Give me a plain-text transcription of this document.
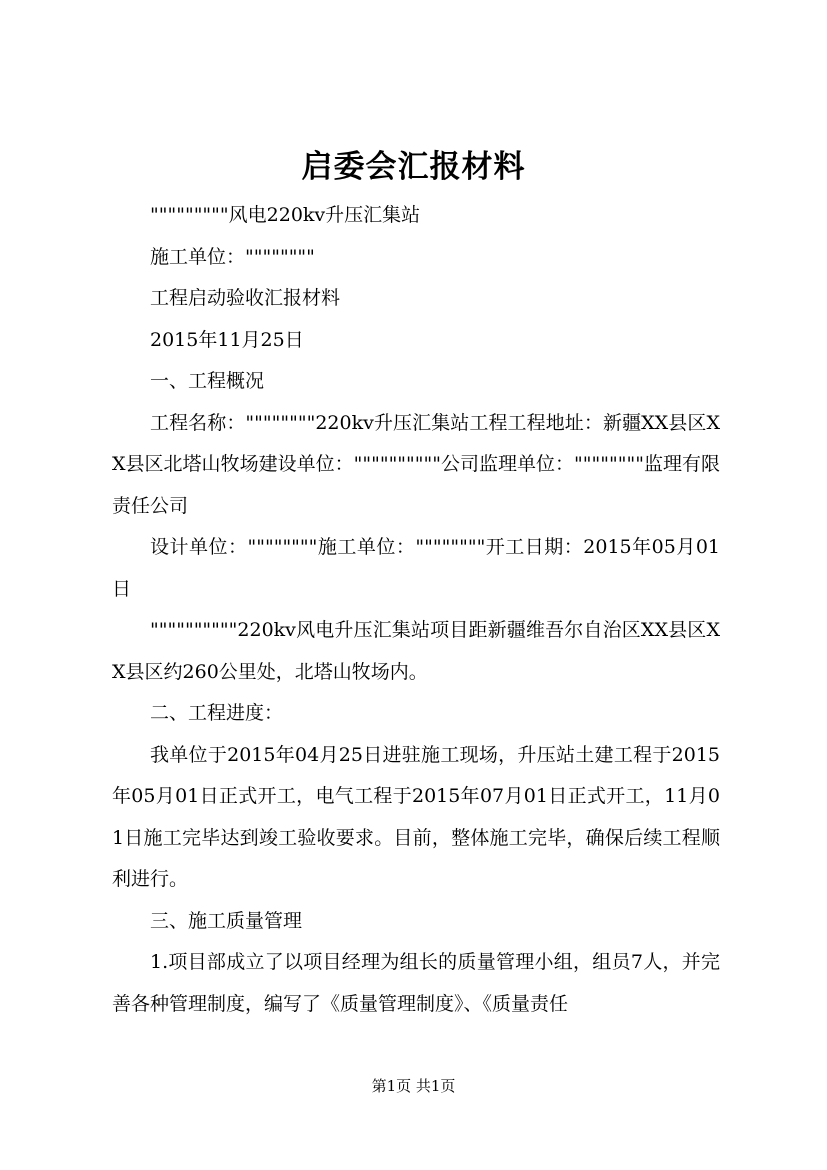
启委会汇报材料

"""""""""风电220kv升压汇集站

施工单位：""""""""

工程启动验收汇报材料

2015年11月25日

一、工程概况

工程名称：""""""""220kv升压汇集站工程工程地址：新疆XX县区XX县区北塔山牧场建设单位：""""""""""公司监理单位：""""""""监理有限责任公司

设计单位：""""""""施工单位：""""""""开工日期：2015年05月01日

""""""""""220kv风电升压汇集站项目距新疆维吾尔自治区XX县区XX县区约260公里处，北塔山牧场内。

二、工程进度：

我单位于2015年04月25日进驻施工现场，升压站土建工程于2015年05月01日正式开工，电气工程于2015年07月01日正式开工，11月01日施工完毕达到竣工验收要求。目前，整体施工完毕，确保后续工程顺利进行。

三、施工质量管理

1.项目部成立了以项目经理为组长的质量管理小组，组员7人，并完善各种管理制度，编写了《质量管理制度》、《质量责任

第1页 共1页
